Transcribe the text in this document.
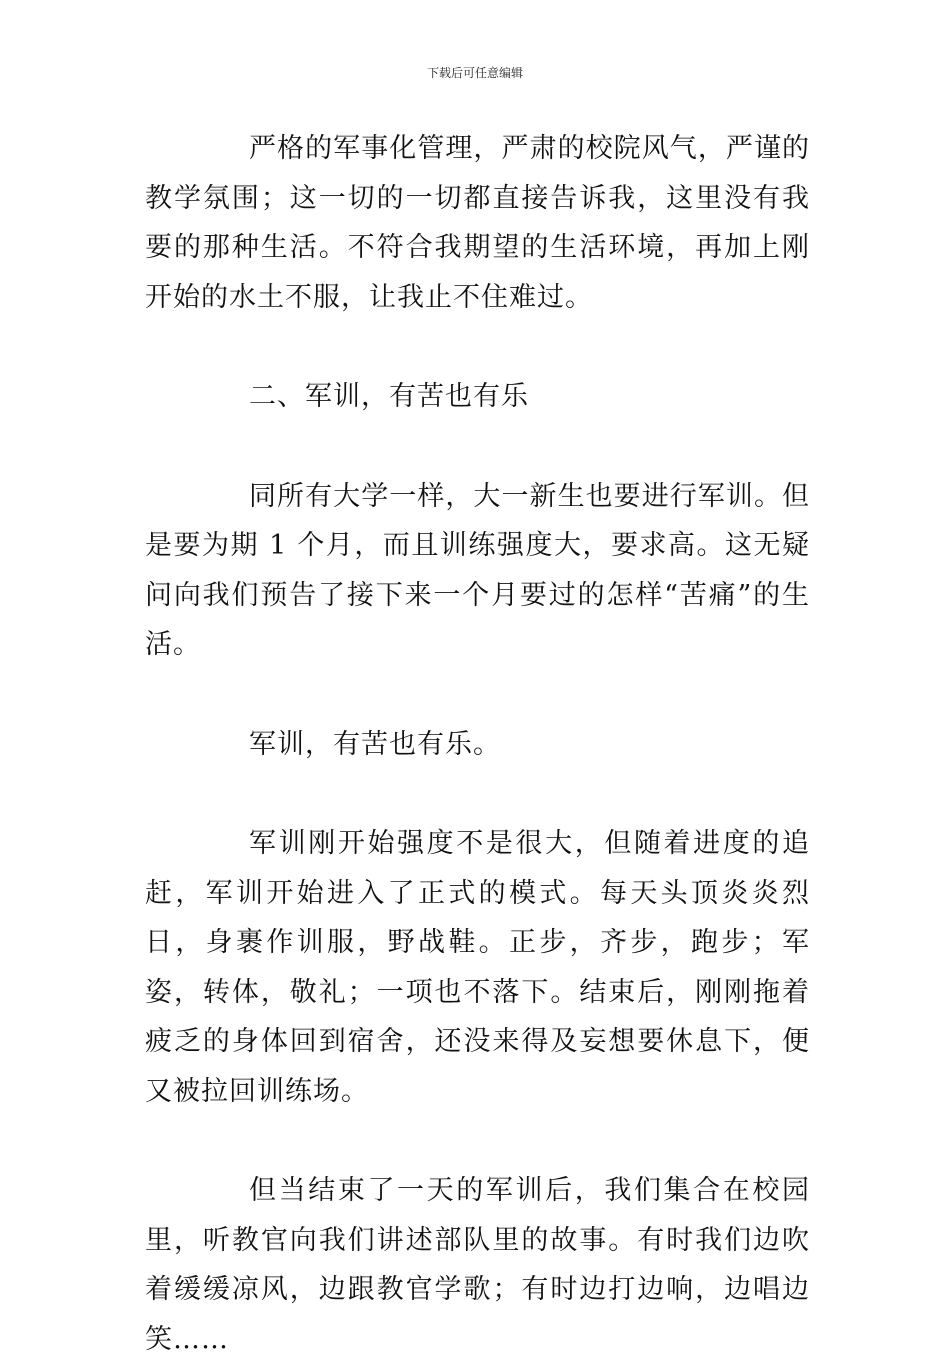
下载后可任意编辑

严格的军事化管理，严肃的校院风气，严谨的教学氛围；这一切的一切都直接告诉我，这里没有我要的那种生活。不符合我期望的生活环境，再加上刚开始的水土不服，让我止不住难过。

二、军训，有苦也有乐

同所有大学一样，大一新生也要进行军训。但是要为期 1 个月，而且训练强度大，要求高。这无疑问向我们预告了接下来一个月要过的怎样“苦痛”的生活。

军训，有苦也有乐。

军训刚开始强度不是很大，但随着进度的追赶，军训开始进入了正式的模式。每天头顶炎炎烈日，身裹作训服，野战鞋。正步，齐步，跑步；军姿，转体，敬礼；一项也不落下。结束后，刚刚拖着疲乏的身体回到宿舍，还没来得及妄想要休息下，便又被拉回训练场。

但当结束了一天的军训后，我们集合在校园里，听教官向我们讲述部队里的故事。有时我们边吹着缓缓凉风，边跟教官学歌；有时边打边响，边唱边笑……
